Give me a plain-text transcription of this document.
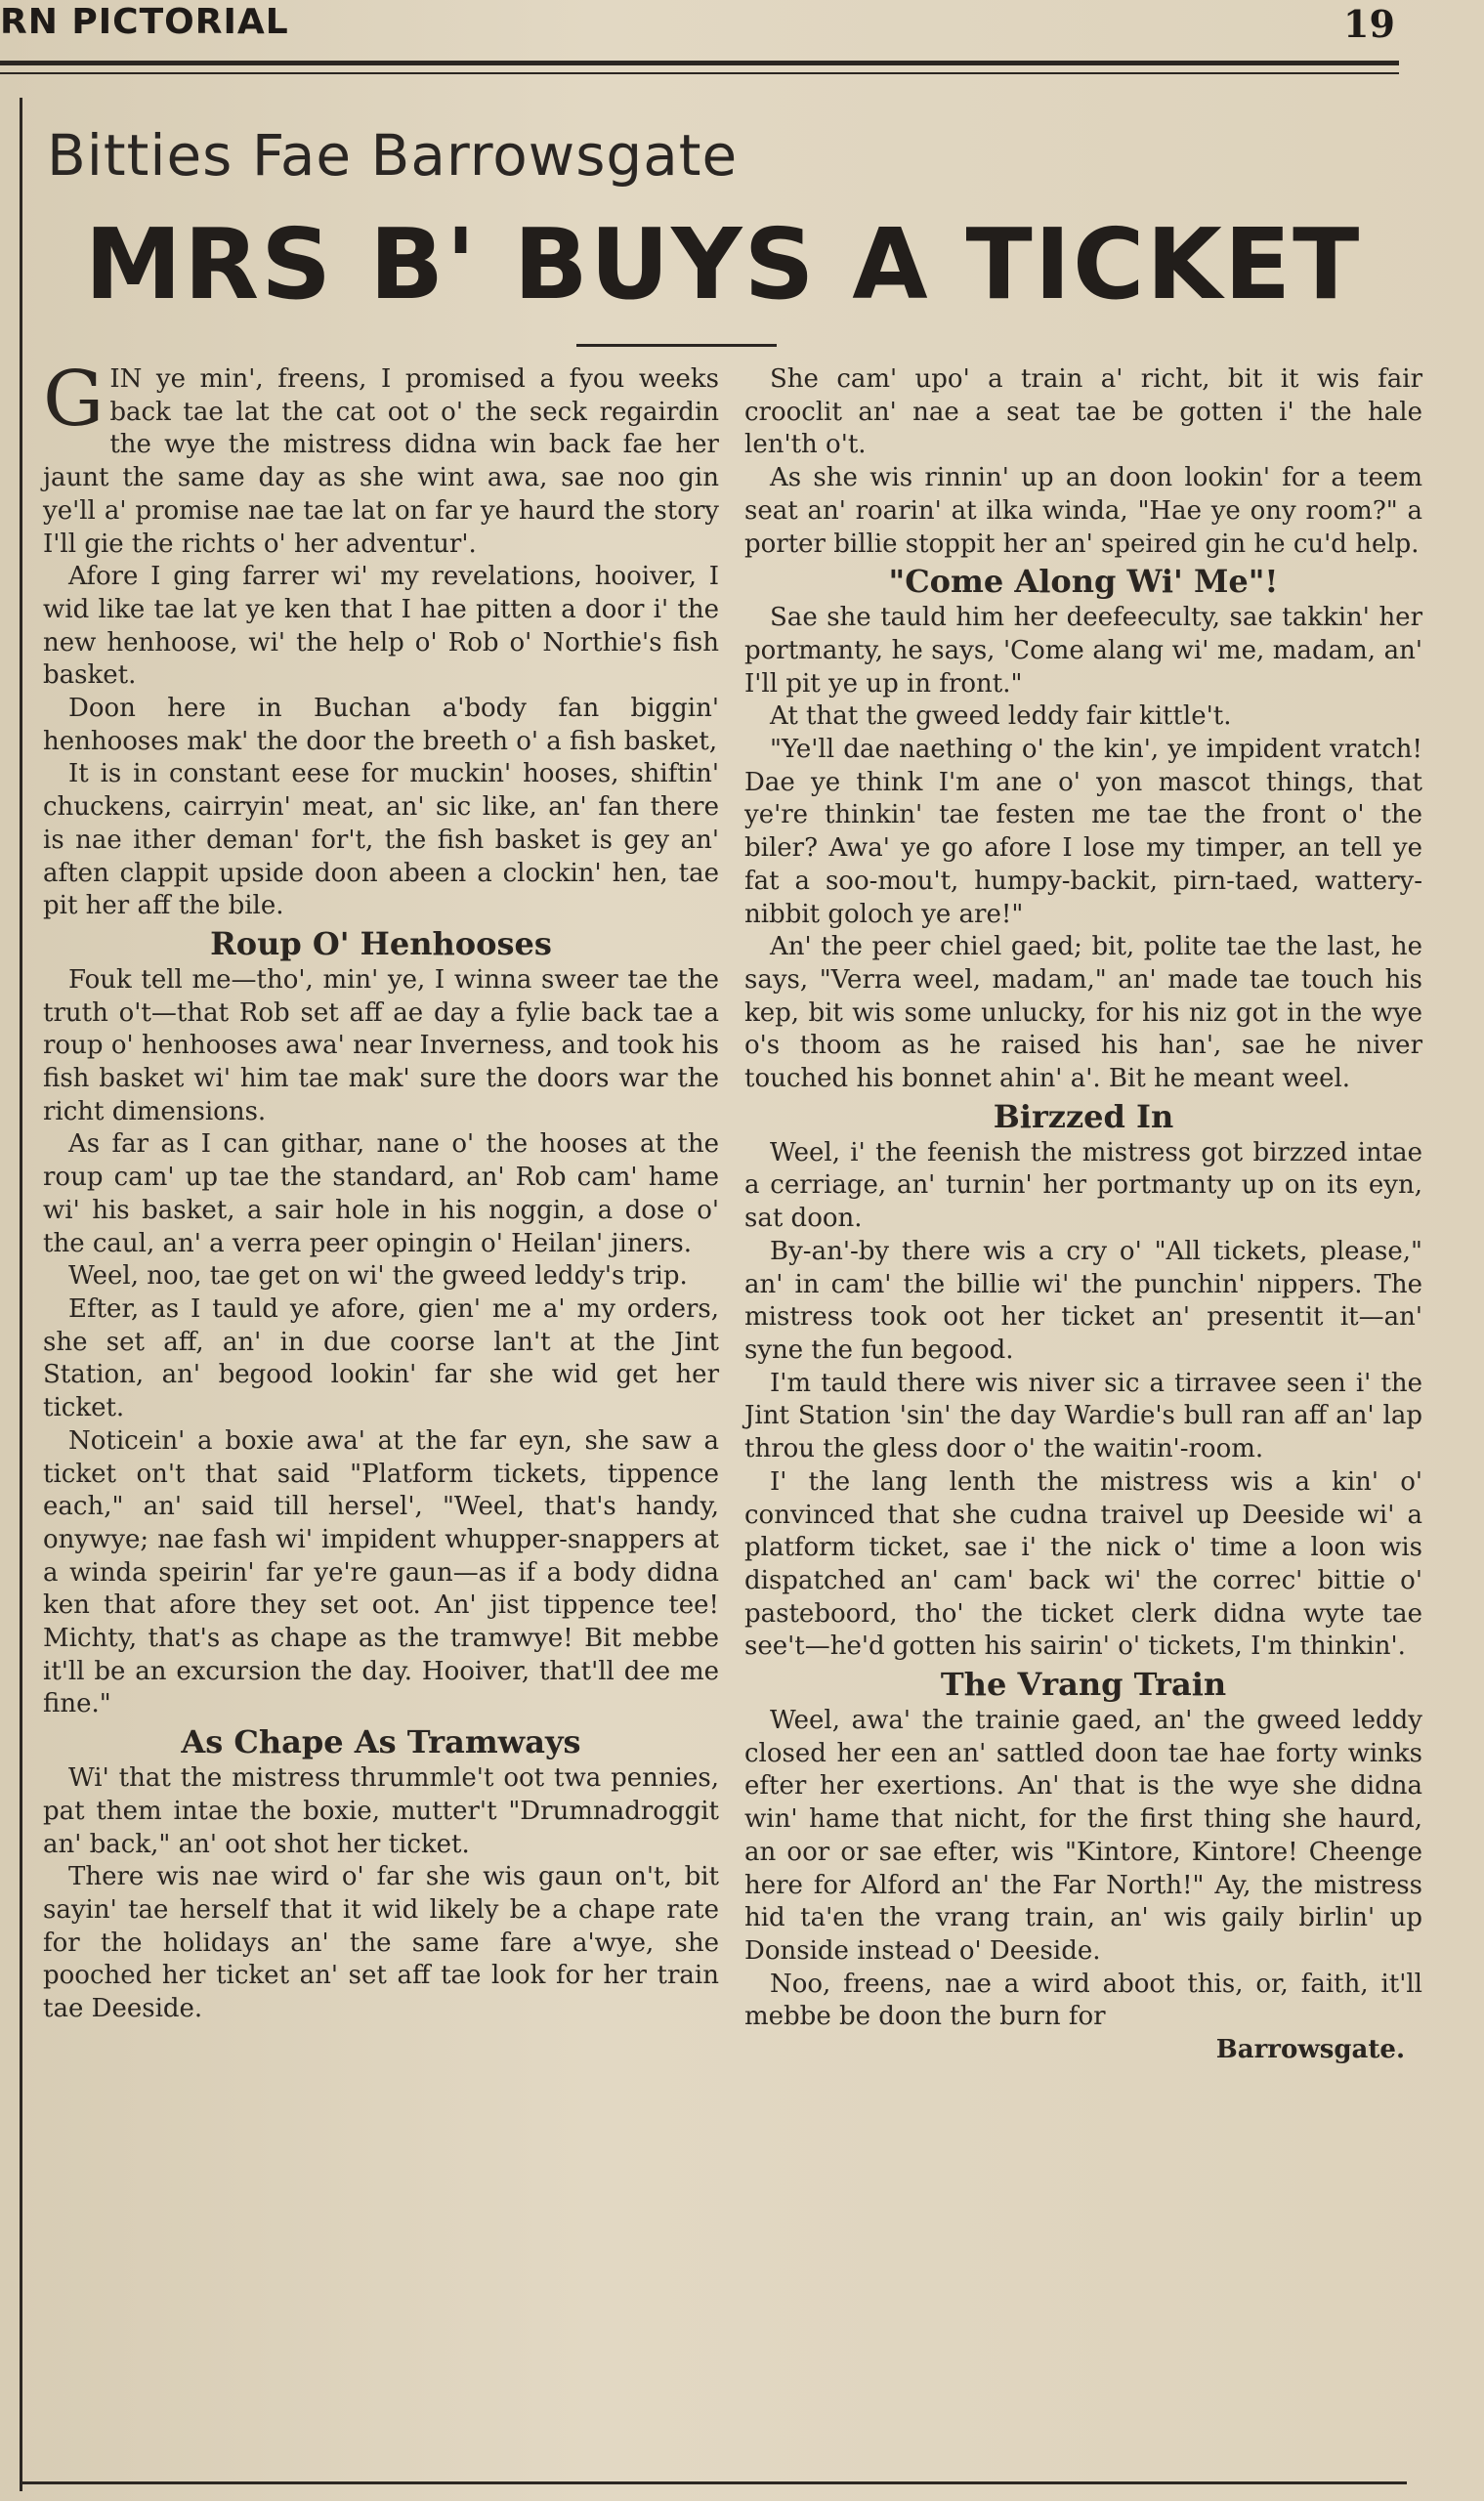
RN PICTORIAL	19
Bitties Fae Barrowsgate
MRS B' BUYS A TICKET

GIN ye min', freens, I promised a fyou weeks back tae lat the cat oot o' the seck regairdin the wye the mistress didna win back fae her jaunt the same day as she wint awa, sae noo gin ye'll a' promise nae tae lat on far ye haurd the story I'll gie the richts o' her adventur'.

Afore I ging farrer wi' my revelations, hooiver, I wid like tae lat ye ken that I hae pitten a door i' the new henhoose, wi' the help o' Rob o' Northie's fish basket.

Doon here in Buchan a'body fan biggin' henhooses mak' the door the breeth o' a fish basket,

It is in constant eese for muckin' hooses, shiftin' chuckens, cairryin' meat, an' sic like, an' fan there is nae ither deman' for't, the fish basket is gey an' aften clappit upside doon abeen a clockin' hen, tae pit her aff the bile.

Roup O' Henhooses

Fouk tell me—tho', min' ye, I winna sweer tae the truth o't—that Rob set aff ae day a fylie back tae a roup o' henhooses awa' near Inverness, and took his fish basket wi' him tae mak' sure the doors war the richt dimensions.

As far as I can githar, nane o' the hooses at the roup cam' up tae the standard, an' Rob cam' hame wi' his basket, a sair hole in his noggin, a dose o' the caul, an' a verra peer opingin o' Heilan' jiners.

Weel, noo, tae get on wi' the gweed leddy's trip.

Efter, as I tauld ye afore, gien' me a' my orders, she set aff, an' in due coorse lan't at the Jint Station, an' begood lookin' far she wid get her ticket.

Noticein' a boxie awa' at the far eyn, she saw a ticket on't that said "Platform tickets, tippence each," an' said till hersel', "Weel, that's handy, onywye; nae fash wi' impident whupper-snappers at a winda speirin' far ye're gaun—as if a body didna ken that afore they set oot. An' jist tippence tee! Michty, that's as chape as the tramwye! Bit mebbe it'll be an excursion the day. Hooiver, that'll dee me fine."

As Chape As Tramways

Wi' that the mistress thrummle't oot twa pennies, pat them intae the boxie, mutter't "Drumnadroggit an' back," an' oot shot her ticket.

There wis nae wird o' far she wis gaun on't, bit sayin' tae herself that it wid likely be a chape rate for the holidays an' the same fare a'wye, she pooched her ticket an' set aff tae look for her train tae Deeside.

She cam' upo' a train a' richt, bit it wis fair crooclit an' nae a seat tae be gotten i' the hale len'th o't.

As she wis rinnin' up an doon lookin' for a teem seat an' roarin' at ilka winda, "Hae ye ony room?" a porter billie stoppit her an' speired gin he cu'd help.

"Come Along Wi' Me"!

Sae she tauld him her deefeeculty, sae takkin' her portmanty, he says, 'Come alang wi' me, madam, an' I'll pit ye up in front."

At that the gweed leddy fair kittle't.

"Ye'll dae naething o' the kin', ye impident vratch! Dae ye think I'm ane o' yon mascot things, that ye're thinkin' tae festen me tae the front o' the biler? Awa' ye go afore I lose my timper, an tell ye fat a soo-mou't, humpy-backit, pirn-taed, wattery-nibbit goloch ye are!"

An' the peer chiel gaed; bit, polite tae the last, he says, "Verra weel, madam," an' made tae touch his kep, bit wis some unlucky, for his niz got in the wye o's thoom as he raised his han', sae he niver touched his bonnet ahin' a'. Bit he meant weel.

Birzzed In

Weel, i' the feenish the mistress got birzzed intae a cerriage, an' turnin' her portmanty up on its eyn, sat doon.

By-an'-by there wis a cry o' "All tickets, please," an' in cam' the billie wi' the punchin' nippers. The mistress took oot her ticket an' presentit it—an' syne the fun begood.

I'm tauld there wis niver sic a tirravee seen i' the Jint Station 'sin' the day Wardie's bull ran aff an' lap throu the gless door o' the waitin'-room.

I' the lang lenth the mistress wis a kin' o' convinced that she cudna traivel up Deeside wi' a platform ticket, sae i' the nick o' time a loon wis dispatched an' cam' back wi' the correc' bittie o' pasteboord, tho' the ticket clerk didna wyte tae see't—he'd gotten his sairin' o' tickets, I'm thinkin'.

The Vrang Train

Weel, awa' the trainie gaed, an' the gweed leddy closed her een an' sattled doon tae hae forty winks efter her exertions. An' that is the wye she didna win' hame that nicht, for the first thing she haurd, an oor or sae efter, wis "Kintore, Kintore! Cheenge here for Alford an' the Far North!" Ay, the mistress hid ta'en the vrang train, an' wis gaily birlin' up Donside instead o' Deeside.

Noo, freens, nae a wird aboot this, or, faith, it'll mebbe be doon the burn for

Barrowsgate.
